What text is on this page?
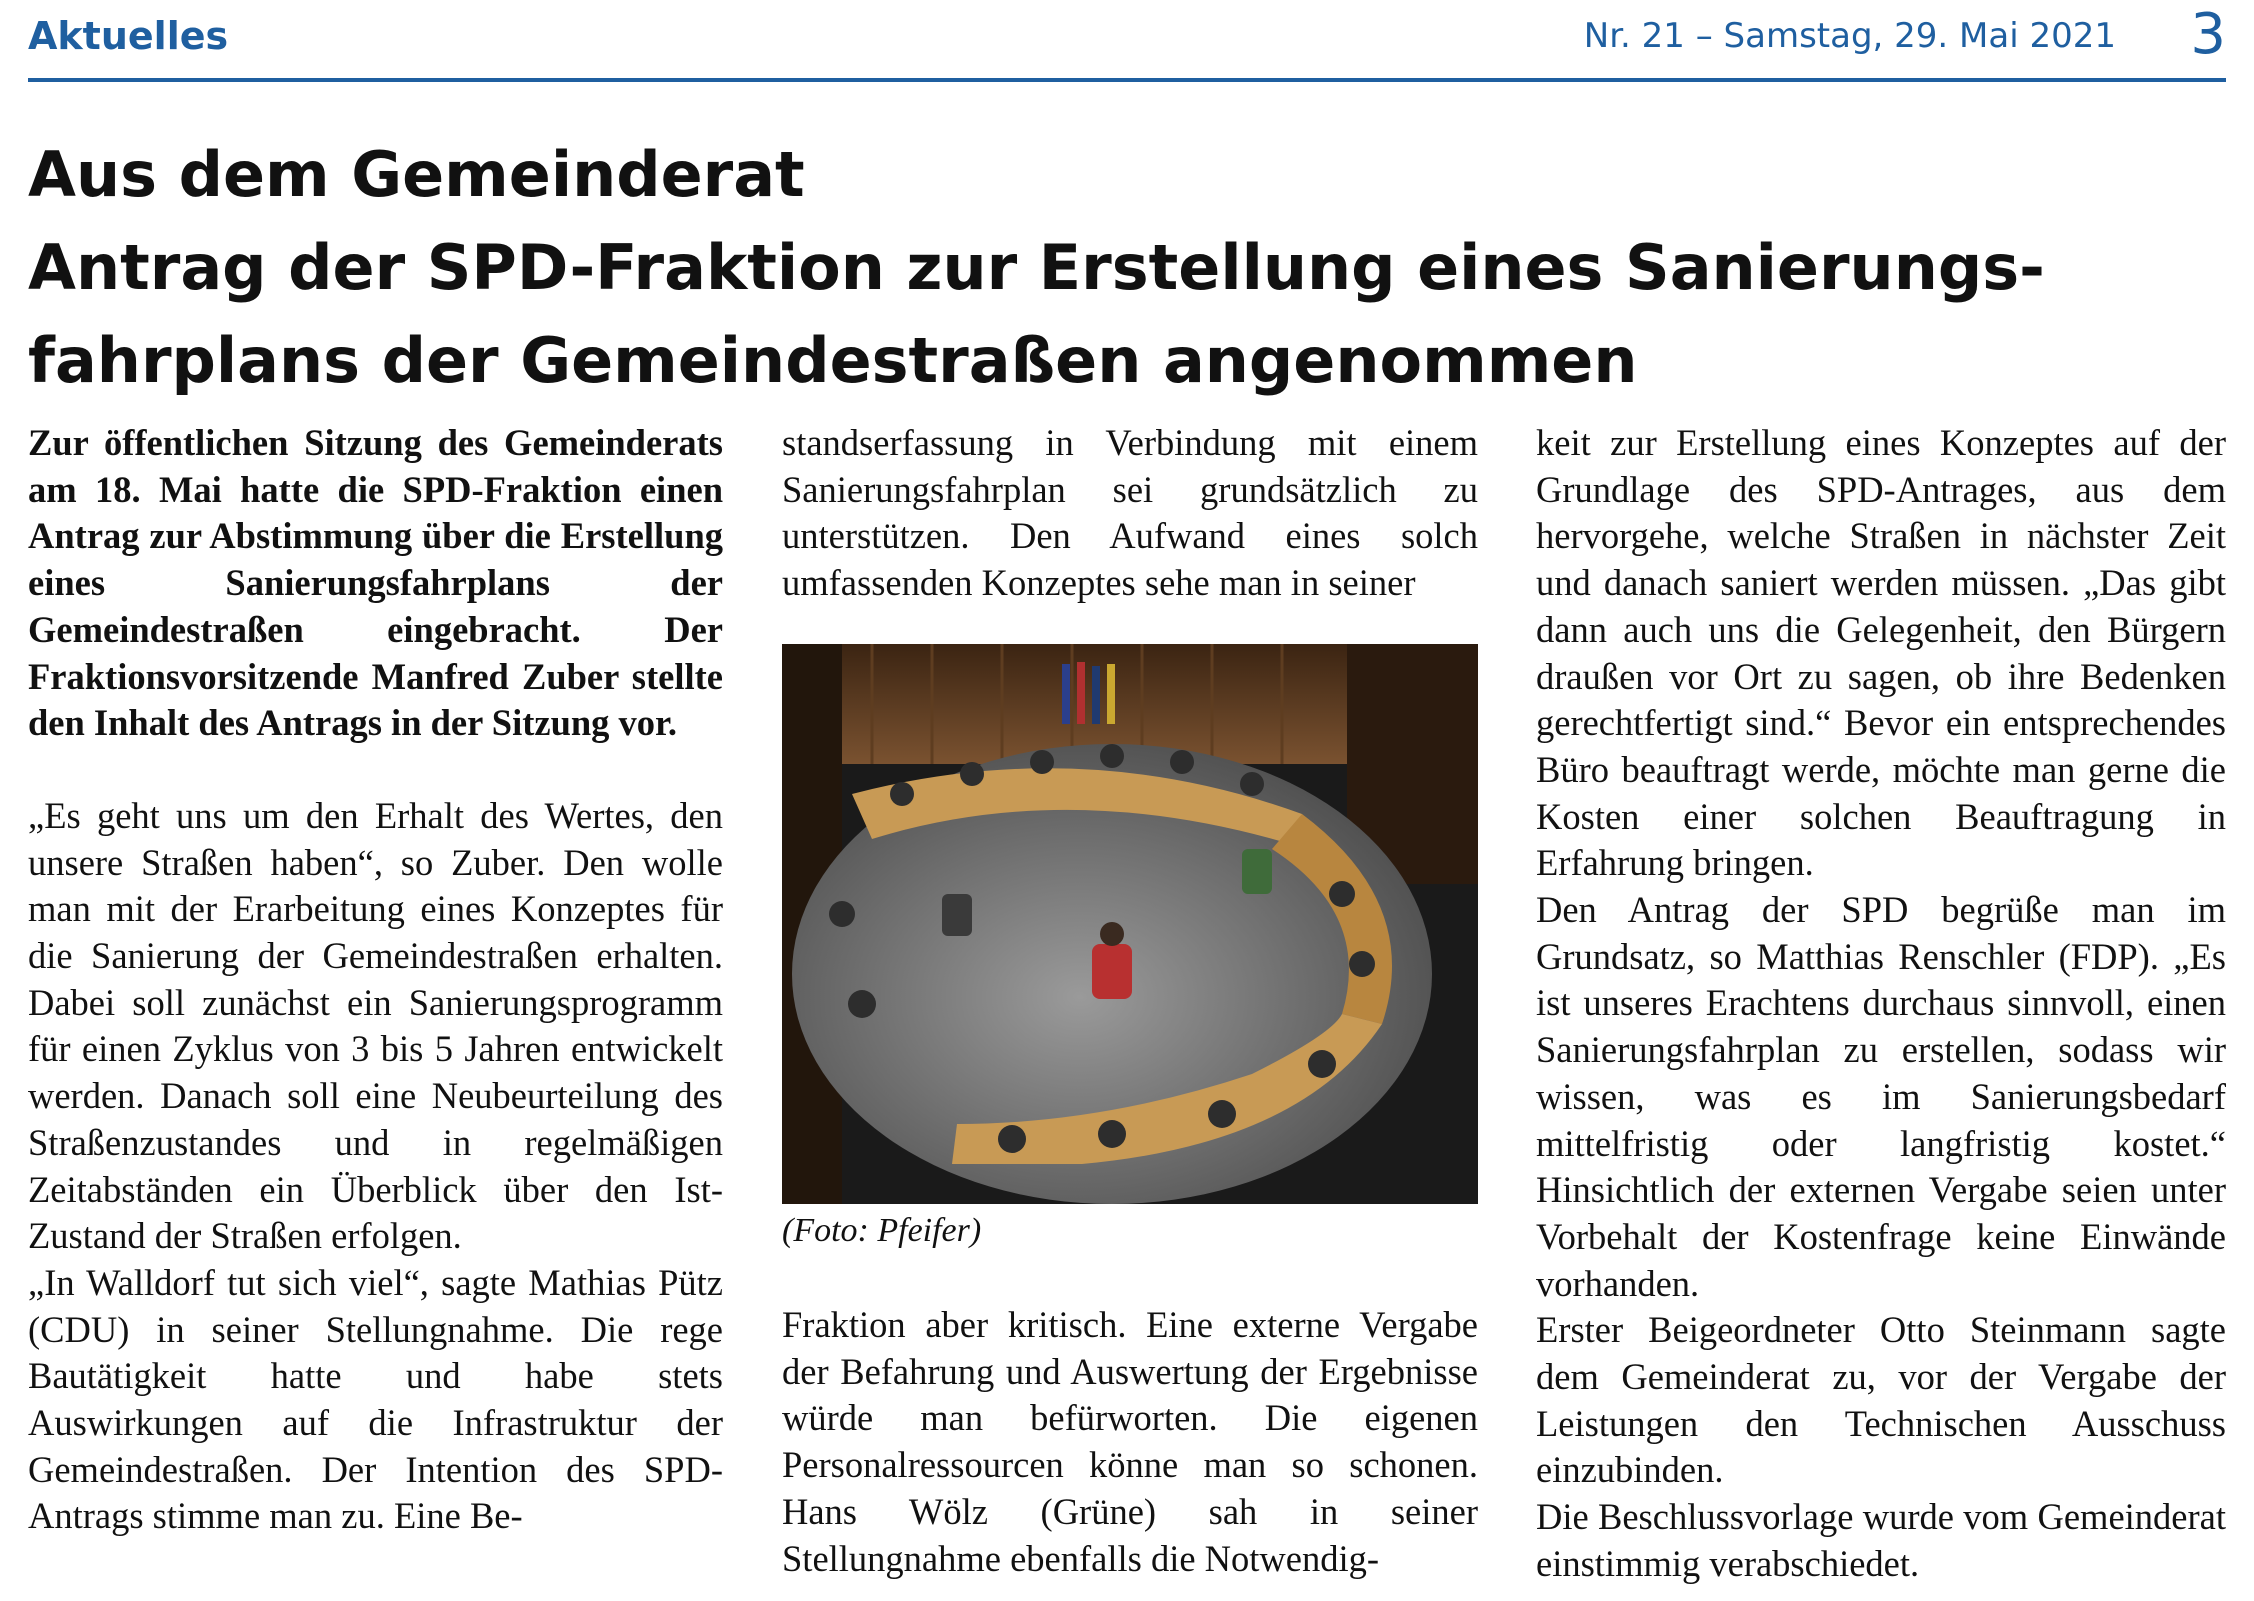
Aktuelles	Nr. 21 – Samstag, 29. Mai 2021 3
Aus dem Gemeinderat
Antrag der SPD-Fraktion zur Erstellung eines Sanierungs-
fahrplans der Gemeindestraßen angenommen

Zur öffentlichen Sitzung des Gemeinderats am 18. Mai hatte die SPD-Fraktion einen Antrag zur Abstimmung über die Erstellung eines Sanierungsfahrplans der Gemeindestraßen eingebracht. Der Fraktionsvorsitzende Manfred Zuber stellte den Inhalt des Antrags in der Sitzung vor.

„Es geht uns um den Erhalt des Wertes, den unsere Straßen haben“, so Zuber. Den wolle man mit der Erarbeitung eines Konzeptes für die Sanierung der Gemeindestraßen erhalten. Dabei soll zunächst ein Sanierungsprogramm für einen Zyklus von 3 bis 5 Jahren entwickelt werden. Danach soll eine Neubeurteilung des Straßenzustandes und in regelmäßigen Zeitabständen ein Überblick über den Ist-Zustand der Straßen erfolgen.

„In Walldorf tut sich viel“, sagte Mathias Pütz (CDU) in seiner Stellungnahme. Die rege Bautätigkeit hatte und habe stets Auswirkungen auf die Infrastruktur der Gemeindestraßen. Der Intention des SPD-Antrags stimme man zu. Eine Be-

standserfassung in Verbindung mit einem Sanierungsfahrplan sei grundsätzlich zu unterstützen. Den Aufwand eines solch umfassenden Konzeptes sehe man in seiner

(Foto: Pfeifer)

Fraktion aber kritisch. Eine externe Vergabe der Befahrung und Auswertung der Ergebnisse würde man befürworten. Die eigenen Personalressourcen könne man so schonen. Hans Wölz (Grüne) sah in seiner Stellungnahme ebenfalls die Notwendig-

keit zur Erstellung eines Konzeptes auf der Grundlage des SPD-Antrages, aus dem hervorgehe, welche Straßen in nächster Zeit und danach saniert werden müssen. „Das gibt dann auch uns die Gelegenheit, den Bürgern draußen vor Ort zu sagen, ob ihre Bedenken gerechtfertigt sind.“ Bevor ein entsprechendes Büro beauftragt werde, möchte man gerne die Kosten einer solchen Beauftragung in Erfahrung bringen.

Den Antrag der SPD begrüße man im Grundsatz, so Matthias Renschler (FDP). „Es ist unseres Erachtens durchaus sinnvoll, einen Sanierungsfahrplan zu erstellen, sodass wir wissen, was es im Sanierungsbedarf mittelfristig oder langfristig kostet.“ Hinsichtlich der externen Vergabe seien unter Vorbehalt der Kostenfrage keine Einwände vorhanden.

Erster Beigeordneter Otto Steinmann sagte dem Gemeinderat zu, vor der Vergabe der Leistungen den Technischen Ausschuss einzubinden.

Die Beschlussvorlage wurde vom Gemeinderat einstimmig verabschiedet.
